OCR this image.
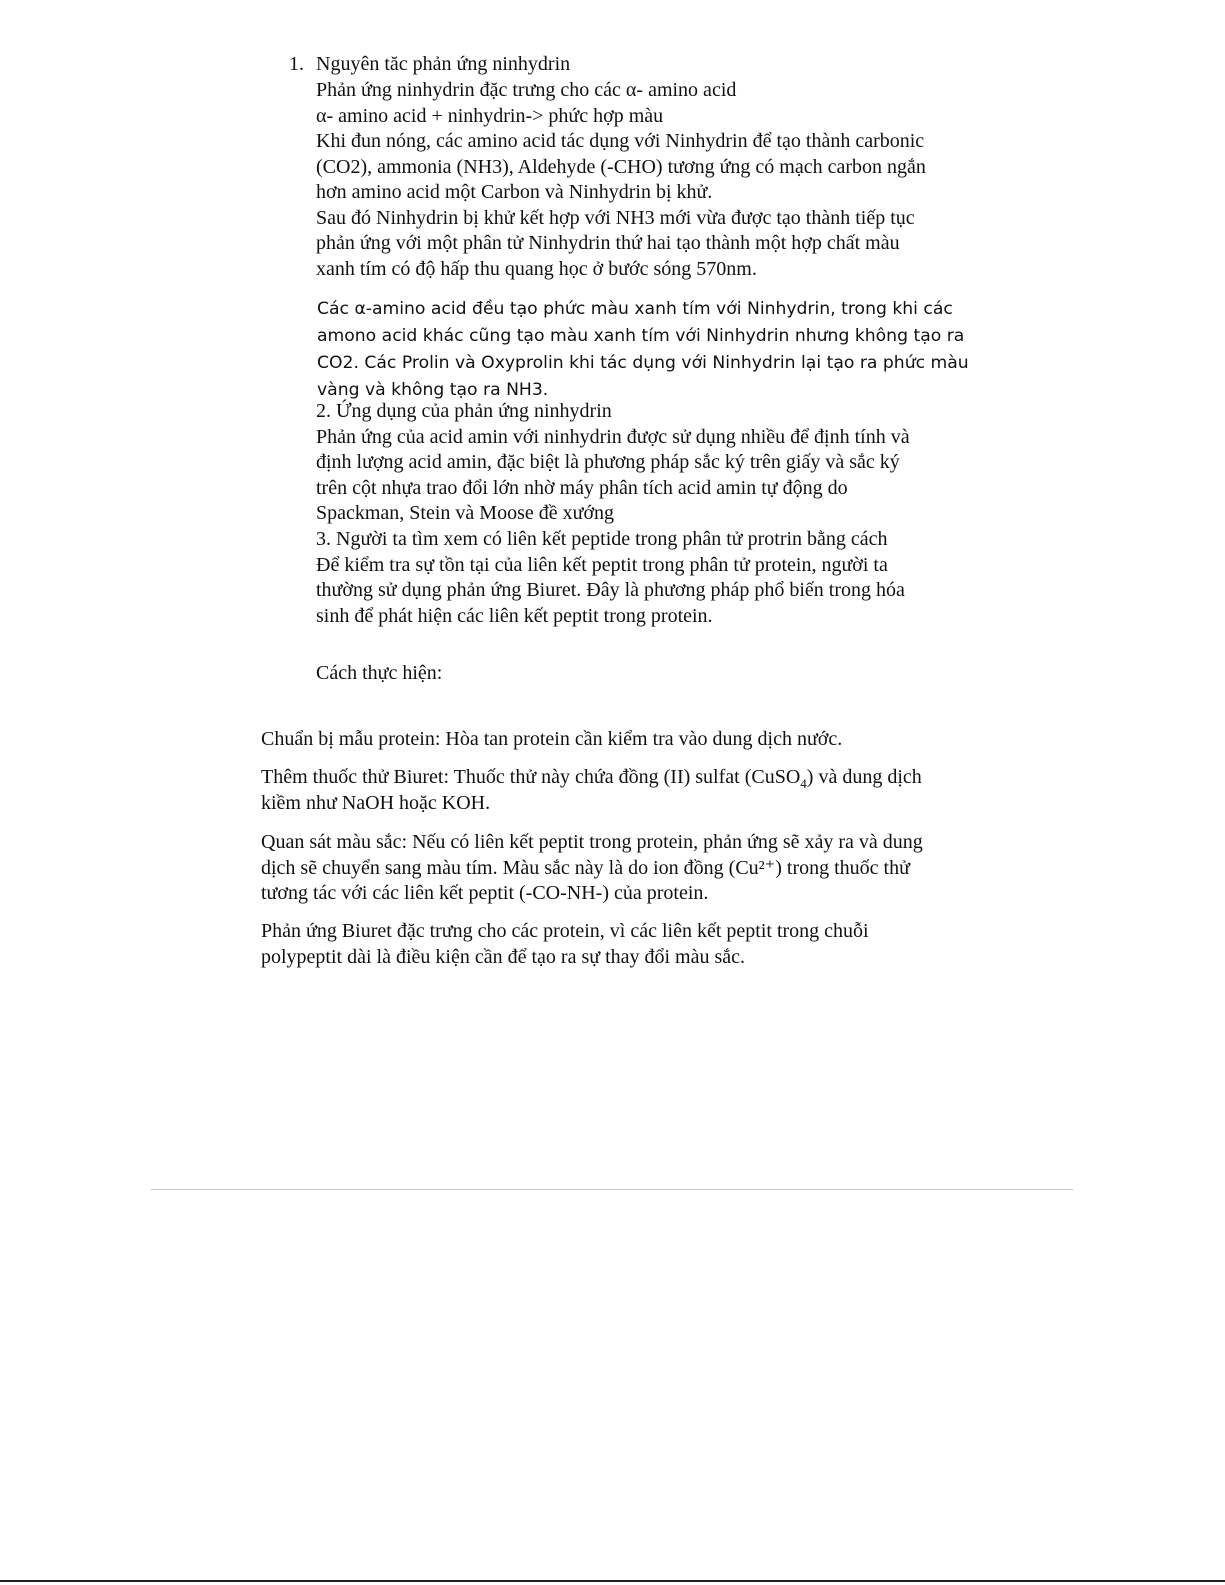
1. Nguyên tăc phản ứng ninhydrin
Phản ứng ninhydrin đặc trưng cho các α- amino acid
α- amino acid + ninhydrin-> phức hợp màu
Khi đun nóng, các amino acid tác dụng với Ninhydrin để tạo thành carbonic
(CO2), ammonia (NH3), Aldehyde (-CHO) tương ứng có mạch carbon ngắn
hơn amino acid một Carbon và Ninhydrin bị khử.
Sau đó Ninhydrin bị khử kết hợp với NH3 mới vừa được tạo thành tiếp tục
phản ứng với một phân tử Ninhydrin thứ hai tạo thành một hợp chất màu
xanh tím có độ hấp thu quang học ở bước sóng 570nm.
Các α-amino acid đều tạo phức màu xanh tím với Ninhydrin, trong khi các
amono acid khác cũng tạo màu xanh tím với Ninhydrin nhưng không tạo ra
CO2. Các Prolin và Oxyprolin khi tác dụng với Ninhydrin lại tạo ra phức màu
vàng và không tạo ra NH3.
2. Ứng dụng của phản ứng ninhydrin
Phản ứng của acid amin với ninhydrin được sử dụng nhiều để định tính và
định lượng acid amin, đặc biệt là phương pháp sắc ký trên giấy và sắc ký
trên cột nhựa trao đổi lớn nhờ máy phân tích acid amin tự động do
Spackman, Stein và Moose đề xướng
3. Người ta tìm xem có liên kết peptide trong phân tử protrin bằng cách
Để kiểm tra sự tồn tại của liên kết peptit trong phân tử protein, người ta
thường sử dụng phản ứng Biuret. Đây là phương pháp phổ biến trong hóa
sinh để phát hiện các liên kết peptit trong protein.
Cách thực hiện:
Chuẩn bị mẫu protein: Hòa tan protein cần kiểm tra vào dung dịch nước.
Thêm thuốc thử Biuret: Thuốc thử này chứa đồng (II) sulfat (CuSO$_4$) và dung dịch
kiềm như NaOH hoặc KOH.
Quan sát màu sắc: Nếu có liên kết peptit trong protein, phản ứng sẽ xảy ra và dung
dịch sẽ chuyển sang màu tím. Màu sắc này là do ion đồng (Cu²⁺) trong thuốc thử
tương tác với các liên kết peptit (-CO-NH-) của protein.
Phản ứng Biuret đặc trưng cho các protein, vì các liên kết peptit trong chuỗi
polypeptit dài là điều kiện cần để tạo ra sự thay đổi màu sắc.
